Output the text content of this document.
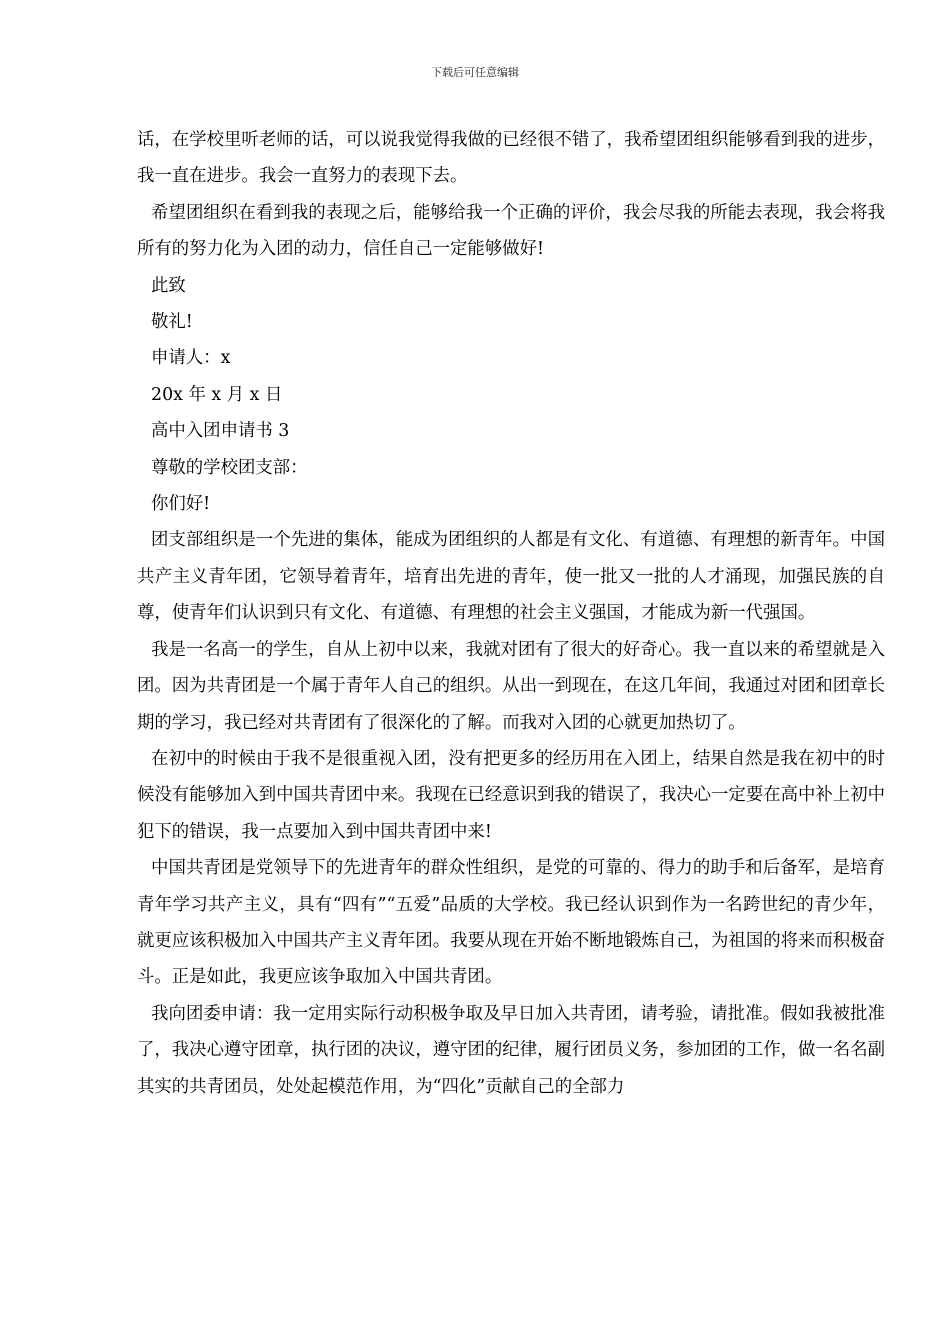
下载后可任意编辑

话，在学校里听老师的话，可以说我觉得我做的已经很不错了，我希望团组织能够看到我的进步，我一直在进步。我会一直努力的表现下去。

希望团组织在看到我的表现之后，能够给我一个正确的评价，我会尽我的所能去表现，我会将我所有的努力化为入团的动力，信任自己一定能够做好!

此致

敬礼!

申请人：x

20x 年 x 月 x 日

高中入团申请书 3

尊敬的学校团支部：

你们好!

团支部组织是一个先进的集体，能成为团组织的人都是有文化、有道德、有理想的新青年。中国共产主义青年团，它领导着青年，培育出先进的青年，使一批又一批的人才涌现，加强民族的自尊，使青年们认识到只有文化、有道德、有理想的社会主义强国，才能成为新一代强国。

我是一名高一的学生，自从上初中以来，我就对团有了很大的好奇心。我一直以来的希望就是入团。因为共青团是一个属于青年人自己的组织。从出一到现在，在这几年间，我通过对团和团章长期的学习，我已经对共青团有了很深化的了解。而我对入团的心就更加热切了。

在初中的时候由于我不是很重视入团，没有把更多的经历用在入团上，结果自然是我在初中的时候没有能够加入到中国共青团中来。我现在已经意识到我的错误了，我决心一定要在高中补上初中犯下的错误，我一点要加入到中国共青团中来!

中国共青团是党领导下的先进青年的群众性组织，是党的可靠的、得力的助手和后备军，是培育青年学习共产主义，具有“四有”“五爱”品质的大学校。我已经认识到作为一名跨世纪的青少年，就更应该积极加入中国共产主义青年团。我要从现在开始不断地锻炼自己，为祖国的将来而积极奋斗。正是如此，我更应该争取加入中国共青团。

我向团委申请：我一定用实际行动积极争取及早日加入共青团，请考验，请批准。假如我被批准了，我决心遵守团章，执行团的决议，遵守团的纪律，履行团员义务，参加团的工作，做一名名副其实的共青团员，处处起模范作用，为“四化”贡献自己的全部力
